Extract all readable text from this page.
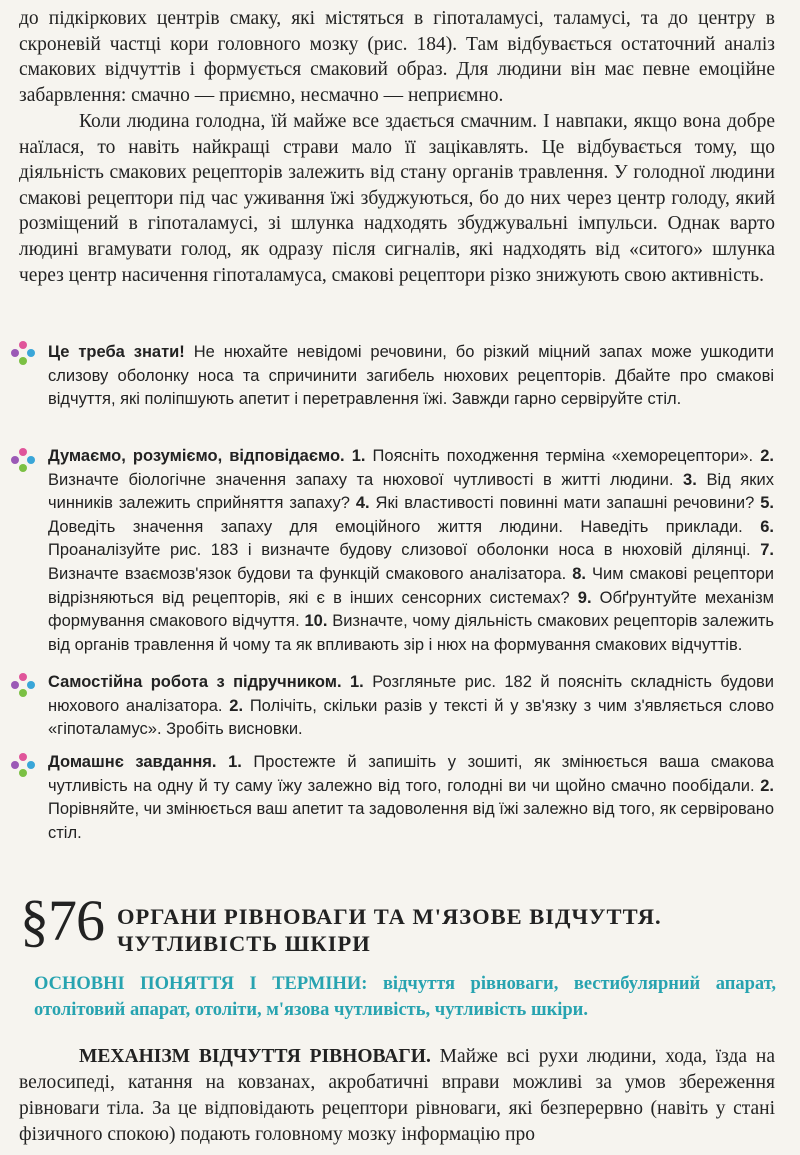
до підкіркових центрів смаку, які містяться в гіпоталамусі, таламусі, та до центру в скроневій частці кори головного мозку (рис. 184). Там відбувається остаточний аналіз смакових відчуттів і формується смаковий образ. Для людини він має певне емоційне забарвлення: смачно — приємно, несмачно — неприємно.

Коли людина голодна, їй майже все здається смачним. І навпаки, якщо вона добре наїлася, то навіть найкращі страви мало її зацікавлять. Це відбувається тому, що діяльність смакових рецепторів залежить від стану органів травлення. У голодної людини смакові рецептори під час уживання їжі збуджуються, бо до них через центр голоду, який розміщений в гіпоталамусі, зі шлунка надходять збуджувальні імпульси. Однак варто людині вгамувати голод, як одразу після сигналів, які надходять від «ситого» шлунка через центр насичення гіпоталамуса, смакові рецептори різко знижують свою активність.

Це треба знати! Не нюхайте невідомі речовини, бо різкий міцний запах може ушкодити слизову оболонку носа та спричинити загибель нюхових рецепторів. Дбайте про смакові відчуття, які поліпшують апетит і перетравлення їжі. Завжди гарно сервіруйте стіл.

Думаємо, розуміємо, відповідаємо. 1. Поясніть походження терміна «хеморецептори». 2. Визначте біологічне значення запаху та нюхової чутливості в житті людини. 3. Від яких чинників залежить сприйняття запаху? 4. Які властивості повинні мати запашні речовини? 5. Доведіть значення запаху для емоційного життя людини. Наведіть приклади. 6. Проаналізуйте рис. 183 і визначте будову слизової оболонки носа в нюховій ділянці. 7. Визначте взаємозв'язок будови та функцій смакового аналізатора. 8. Чим смакові рецептори відрізняються від рецепторів, які є в інших сенсорних системах? 9. Обґрунтуйте механізм формування смакового відчуття. 10. Визначте, чому діяльність смакових рецепторів залежить від органів травлення й чому та як впливають зір і нюх на формування смакових відчуттів.

Самостійна робота з підручником. 1. Розгляньте рис. 182 й поясніть складність будови нюхового аналізатора. 2. Полічіть, скільки разів у тексті й у зв'язку з чим з'являється слово «гіпоталамус». Зробіть висновки.

Домашнє завдання. 1. Простежте й запишіть у зошиті, як змінюється ваша смакова чутливість на одну й ту саму їжу залежно від того, голодні ви чи щойно смачно пообідали. 2. Порівняйте, чи змінюється ваш апетит та задоволення від їжі залежно від того, як сервіровано стіл.

§76 ОРГАНИ РІВНОВАГИ ТА М'ЯЗОВЕ ВІДЧУТТЯ.
ЧУТЛИВІСТЬ ШКІРИ

ОСНОВНІ ПОНЯТТЯ І ТЕРМІНИ: відчуття рівноваги, вестибулярний апарат, отолітовий апарат, отоліти, м'язова чутливість, чутливість шкіри.

МЕХАНІЗМ ВІДЧУТТЯ РІВНОВАГИ. Майже всі рухи людини, хода, їзда на велосипеді, катання на ковзанах, акробатичні вправи можливі за умов збереження рівноваги тіла. За це відповідають рецептори рівноваги, які безперервно (навіть у стані фізичного спокою) подають головному мозку інформацію про
